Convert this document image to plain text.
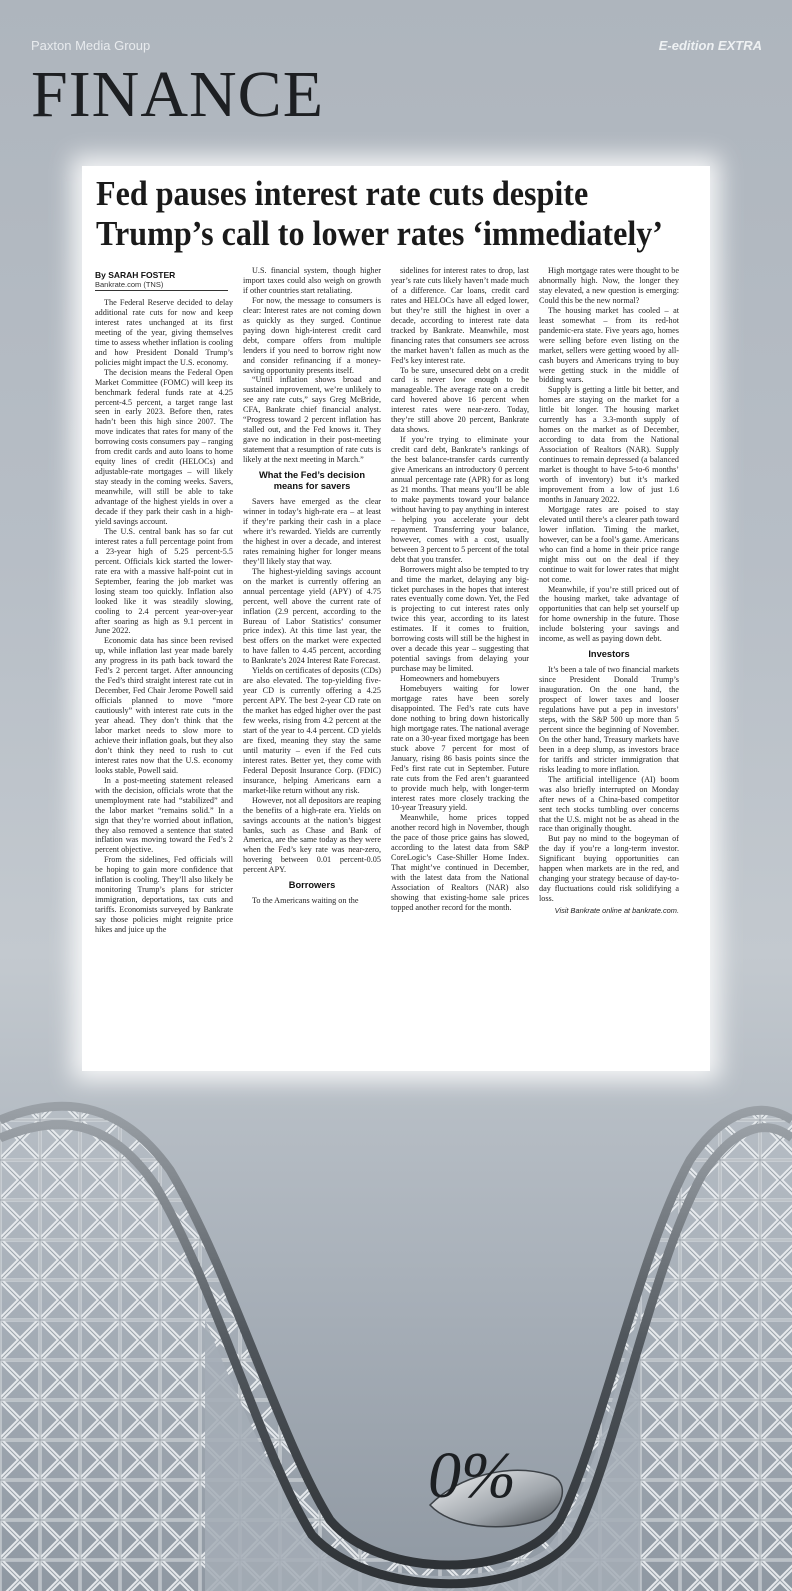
Paxton Media Group	E-edition EXTRA
FINANCE
Fed pauses interest rate cuts despite Trump’s call to lower rates ‘immediately’
By SARAH FOSTER
Bankrate.com (TNS)

The Federal Reserve decided to delay additional rate cuts for now and keep interest rates unchanged at its first meeting of the year, giving themselves time to assess whether inflation is cooling and how President Donald Trump’s policies might impact the U.S. economy.

The decision means the Federal Open Market Committee (FOMC) will keep its benchmark federal funds rate at 4.25 percent-4.5 percent, a target range last seen in early 2023. Before then, rates hadn’t been this high since 2007. The move indicates that rates for many of the borrowing costs consumers pay – ranging from credit cards and auto loans to home equity lines of credit (HELOCs) and adjustable-rate mortgages – will likely stay steady in the coming weeks. Savers, meanwhile, will still be able to take advantage of the highest yields in over a decade if they park their cash in a high-yield savings account.

The U.S. central bank has so far cut interest rates a full percentage point from a 23-year high of 5.25 percent-5.5 percent. Officials kick started the lower-rate era with a massive half-point cut in September, fearing the job market was losing steam too quickly. Inflation also looked like it was steadily slowing, cooling to 2.4 percent year-over-year after soaring as high as 9.1 percent in June 2022.

Economic data has since been revised up, while inflation last year made barely any progress in its path back toward the Fed’s 2 percent target. After announcing the Fed’s third straight interest rate cut in December, Fed Chair Jerome Powell said officials planned to move “more cautiously” with interest rate cuts in the year ahead. They don’t think that the labor market needs to slow more to achieve their inflation goals, but they also don’t think they need to rush to cut interest rates now that the U.S. economy looks stable, Powell said.

In a post-meeting statement released with the decision, officials wrote that the unemployment rate had “stabilized” and the labor market “remains solid.” In a sign that they’re worried about inflation, they also removed a sentence that stated inflation was moving toward the Fed’s 2 percent objective.

From the sidelines, Fed officials will be hoping to gain more confidence that inflation is cooling. They’ll also likely be monitoring Trump’s plans for stricter immigration, deportations, tax cuts and tariffs. Economists surveyed by Bankrate say those policies might reignite price hikes and juice up the

U.S. financial system, though higher import taxes could also weigh on growth if other countries start retaliating.

For now, the message to consumers is clear: Interest rates are not coming down as quickly as they surged. Continue paying down high-interest credit card debt, compare offers from multiple lenders if you need to borrow right now and consider refinancing if a money-saving opportunity presents itself.

“Until inflation shows broad and sustained improvement, we’re unlikely to see any rate cuts,” says Greg McBride, CFA, Bankrate chief financial analyst. “Progress toward 2 percent inflation has stalled out, and the Fed knows it. They gave no indication in their post-meeting statement that a resumption of rate cuts is likely at the next meeting in March.”

What the Fed’s decision means for savers

Savers have emerged as the clear winner in today’s high-rate era – at least if they’re parking their cash in a place where it’s rewarded. Yields are currently the highest in over a decade, and interest rates remaining higher for longer means they’ll likely stay that way.

The highest-yielding savings account on the market is currently offering an annual percentage yield (APY) of 4.75 percent, well above the current rate of inflation (2.9 percent, according to the Bureau of Labor Statistics’ consumer price index). At this time last year, the best offers on the market were expected to have fallen to 4.45 percent, according to Bankrate’s 2024 Interest Rate Forecast.

Yields on certificates of deposits (CDs) are also elevated. The top-yielding five-year CD is currently offering a 4.25 percent APY. The best 2-year CD rate on the market has edged higher over the past few weeks, rising from 4.2 percent at the start of the year to 4.4 percent. CD yields are fixed, meaning they stay the same until maturity – even if the Fed cuts interest rates. Better yet, they come with Federal Deposit Insurance Corp. (FDIC) insurance, helping Americans earn a market-like return without any risk.

However, not all depositors are reaping the benefits of a high-rate era. Yields on savings accounts at the nation’s biggest banks, such as Chase and Bank of America, are the same today as they were when the Fed’s key rate was near-zero, hovering between 0.01 percent-0.05 percent APY.

Borrowers

To the Americans waiting on the

sidelines for interest rates to drop, last year’s rate cuts likely haven’t made much of a difference. Car loans, credit card rates and HELOCs have all edged lower, but they’re still the highest in over a decade, according to interest rate data tracked by Bankrate. Meanwhile, most financing rates that consumers see across the market haven’t fallen as much as the Fed’s key interest rate.

To be sure, unsecured debt on a credit card is never low enough to be manageable. The average rate on a credit card hovered above 16 percent when interest rates were near-zero. Today, they’re still above 20 percent, Bankrate data shows.

If you’re trying to eliminate your credit card debt, Bankrate’s rankings of the best balance-transfer cards currently give Americans an introductory 0 percent annual percentage rate (APR) for as long as 21 months. That means you’ll be able to make payments toward your balance without having to pay anything in interest – helping you accelerate your debt repayment. Transferring your balance, however, comes with a cost, usually between 3 percent to 5 percent of the total debt that you transfer.

Borrowers might also be tempted to try and time the market, delaying any big-ticket purchases in the hopes that interest rates eventually come down. Yet, the Fed is projecting to cut interest rates only twice this year, according to its latest estimates. If it comes to fruition, borrowing costs will still be the highest in over a decade this year – suggesting that potential savings from delaying your purchase may be limited.

Homeowners and homebuyers

Homebuyers waiting for lower mortgage rates have been sorely disappointed. The Fed’s rate cuts have done nothing to bring down historically high mortgage rates. The national average rate on a 30-year fixed mortgage has been stuck above 7 percent for most of January, rising 86 basis points since the Fed’s first rate cut in September. Future rate cuts from the Fed aren’t guaranteed to provide much help, with longer-term interest rates more closely tracking the 10-year Treasury yield.

Meanwhile, home prices topped another record high in November, though the pace of those price gains has slowed, according to the latest data from S&P CoreLogic’s Case-Shiller Home Index. That might’ve continued in December, with the latest data from the National Association of Realtors (NAR) also showing that existing-home sale prices topped another record for the month.

High mortgage rates were thought to be abnormally high. Now, the longer they stay elevated, a new question is emerging: Could this be the new normal?

The housing market has cooled – at least somewhat – from its red-hot pandemic-era state. Five years ago, homes were selling before even listing on the market, sellers were getting wooed by all-cash buyers and Americans trying to buy were getting stuck in the middle of bidding wars.

Supply is getting a little bit better, and homes are staying on the market for a little bit longer. The housing market currently has a 3.3-month supply of homes on the market as of December, according to data from the National Association of Realtors (NAR). Supply continues to remain depressed (a balanced market is thought to have 5-to-6 months’ worth of inventory) but it’s marked improvement from a low of just 1.6 months in January 2022.

Mortgage rates are poised to stay elevated until there’s a clearer path toward lower inflation. Timing the market, however, can be a fool’s game. Americans who can find a home in their price range might miss out on the deal if they continue to wait for lower rates that might not come.

Meanwhile, if you’re still priced out of the housing market, take advantage of opportunities that can help set yourself up for home ownership in the future. Those include bolstering your savings and income, as well as paying down debt.

Investors

It’s been a tale of two financial markets since President Donald Trump’s inauguration. On the one hand, the prospect of lower taxes and looser regulations have put a pep in investors’ steps, with the S&P 500 up more than 5 percent since the beginning of November. On the other hand, Treasury markets have been in a deep slump, as investors brace for tariffs and stricter immigration that risks leading to more inflation.

The artificial intelligence (AI) boom was also briefly interrupted on Monday after news of a China-based competitor sent tech stocks tumbling over concerns that the U.S. might not be as ahead in the race than originally thought.

But pay no mind to the bogeyman of the day if you’re a long-term investor. Significant buying opportunities can happen when markets are in the red, and changing your strategy because of day-to-day fluctuations could risk solidifying a loss.

Visit Bankrate online at bankrate.com.

0%
